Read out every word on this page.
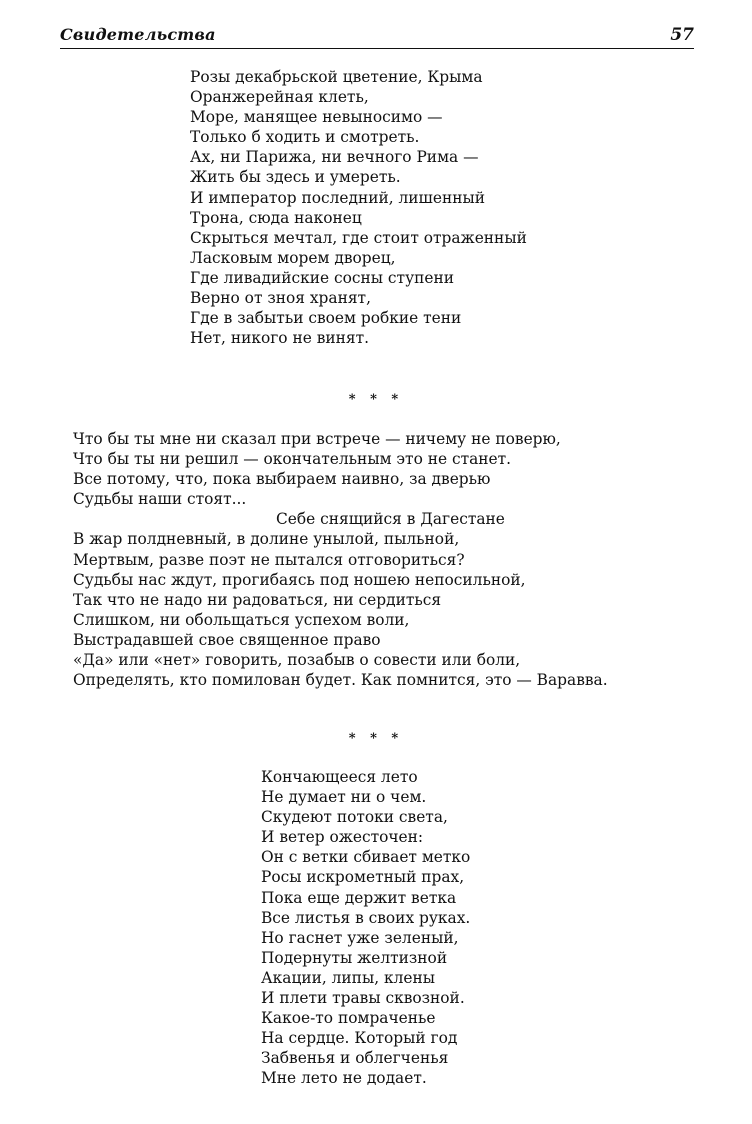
Свидетельства	57
Розы декабрьской цветение, Крыма
Оранжерейная клеть,
Море, манящее невыносимо —
Только б ходить и смотреть.
Ах, ни Парижа, ни вечного Рима —
Жить бы здесь и умереть.
И император последний, лишенный
Трона, сюда наконец
Скрыться мечтал, где стоит отраженный
Ласковым морем дворец,
Где ливадийские сосны ступени
Верно от зноя хранят,
Где в забытьи своем робкие тени
Нет, никого не винят.
* * *
Что бы ты мне ни сказал при встрече — ничему не поверю,
Что бы ты ни решил — окончательным это не станет.
Все потому, что, пока выбираем наивно, за дверью
Судьбы наши стоят...
Себе снящийся в Дагестане
В жар полдневный, в долине унылой, пыльной,
Мертвым, разве поэт не пытался отговориться?
Судьбы нас ждут, прогибаясь под ношею непосильной,
Так что не надо ни радоваться, ни сердиться
Слишком, ни обольщаться успехом воли,
Выстрадавшей свое священное право
«Да» или «нет» говорить, позабыв о совести или боли,
Определять, кто помилован будет. Как помнится, это — Варавва.
* * *
Кончающееся лето
Не думает ни о чем.
Скудеют потоки света,
И ветер ожесточен:
Он с ветки сбивает метко
Росы искрометный прах,
Пока еще держит ветка
Все листья в своих руках.
Но гаснет уже зеленый,
Подернуты желтизной
Акации, липы, клены
И плети травы сквозной.
Какое-то помраченье
На сердце. Который год
Забвенья и облегченья
Мне лето не додает.
